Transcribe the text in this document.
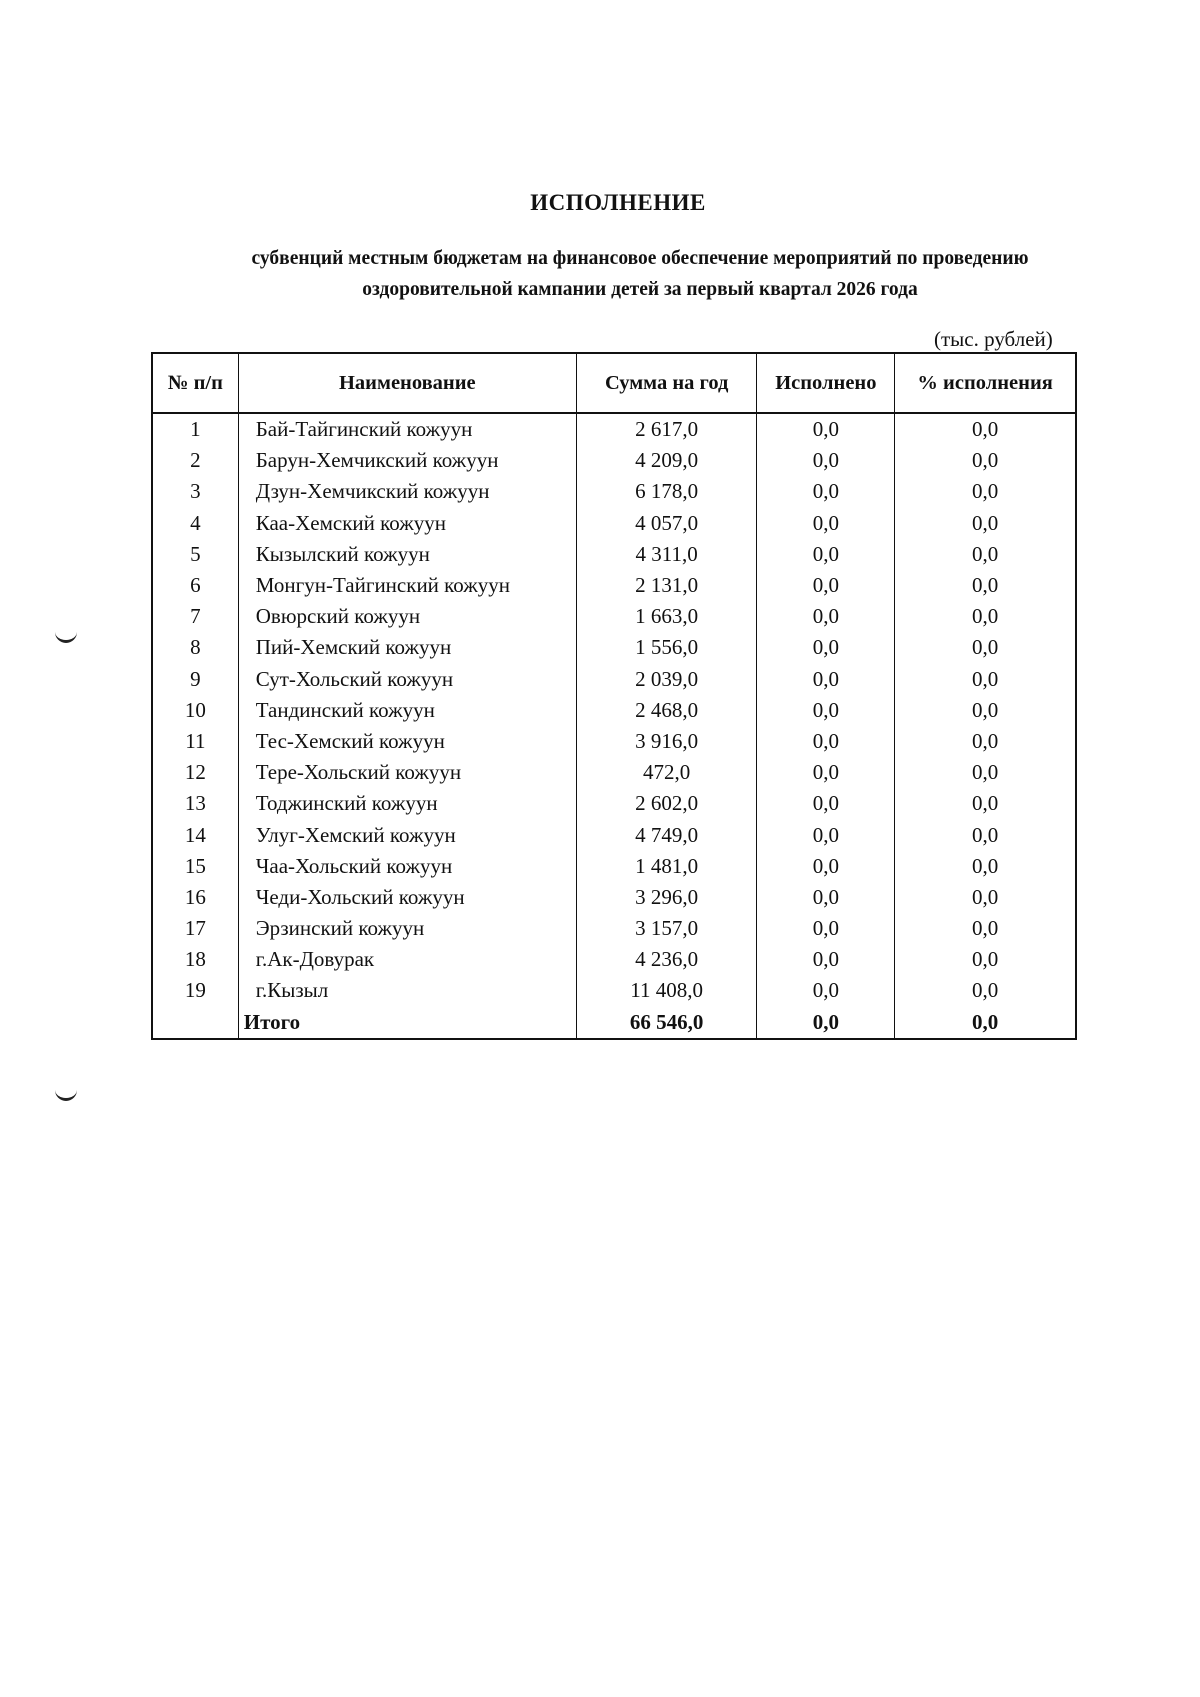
ИСПОЛНЕНИЕ
субвенций местным бюджетам на финансовое обеспечение мероприятий по проведению
оздоровительной кампании детей за первый квартал 2026 года
(тыс. рублей)
№ п/п	Наименование	Сумма на год	Исполнено	% исполнения
1	Бай-Тайгинский кожуун	2 617,0	0,0	0,0
2	Барун-Хемчикский кожуун	4 209,0	0,0	0,0
3	Дзун-Хемчикский кожуун	6 178,0	0,0	0,0
4	Каа-Хемский кожуун	4 057,0	0,0	0,0
5	Кызылский кожуун	4 311,0	0,0	0,0
6	Монгун-Тайгинский кожуун	2 131,0	0,0	0,0
7	Овюрский кожуун	1 663,0	0,0	0,0
8	Пий-Хемский кожуун	1 556,0	0,0	0,0
9	Сут-Хольский кожуун	2 039,0	0,0	0,0
10	Тандинский кожуун	2 468,0	0,0	0,0
11	Тес-Хемский кожуун	3 916,0	0,0	0,0
12	Тере-Хольский кожуун	472,0	0,0	0,0
13	Тоджинский кожуун	2 602,0	0,0	0,0
14	Улуг-Хемский кожуун	4 749,0	0,0	0,0
15	Чаа-Хольский кожуун	1 481,0	0,0	0,0
16	Чеди-Хольский кожуун	3 296,0	0,0	0,0
17	Эрзинский кожуун	3 157,0	0,0	0,0
18	г.Ак-Довурак	4 236,0	0,0	0,0
19	г.Кызыл	11 408,0	0,0	0,0
	Итого	66 546,0	0,0	0,0
